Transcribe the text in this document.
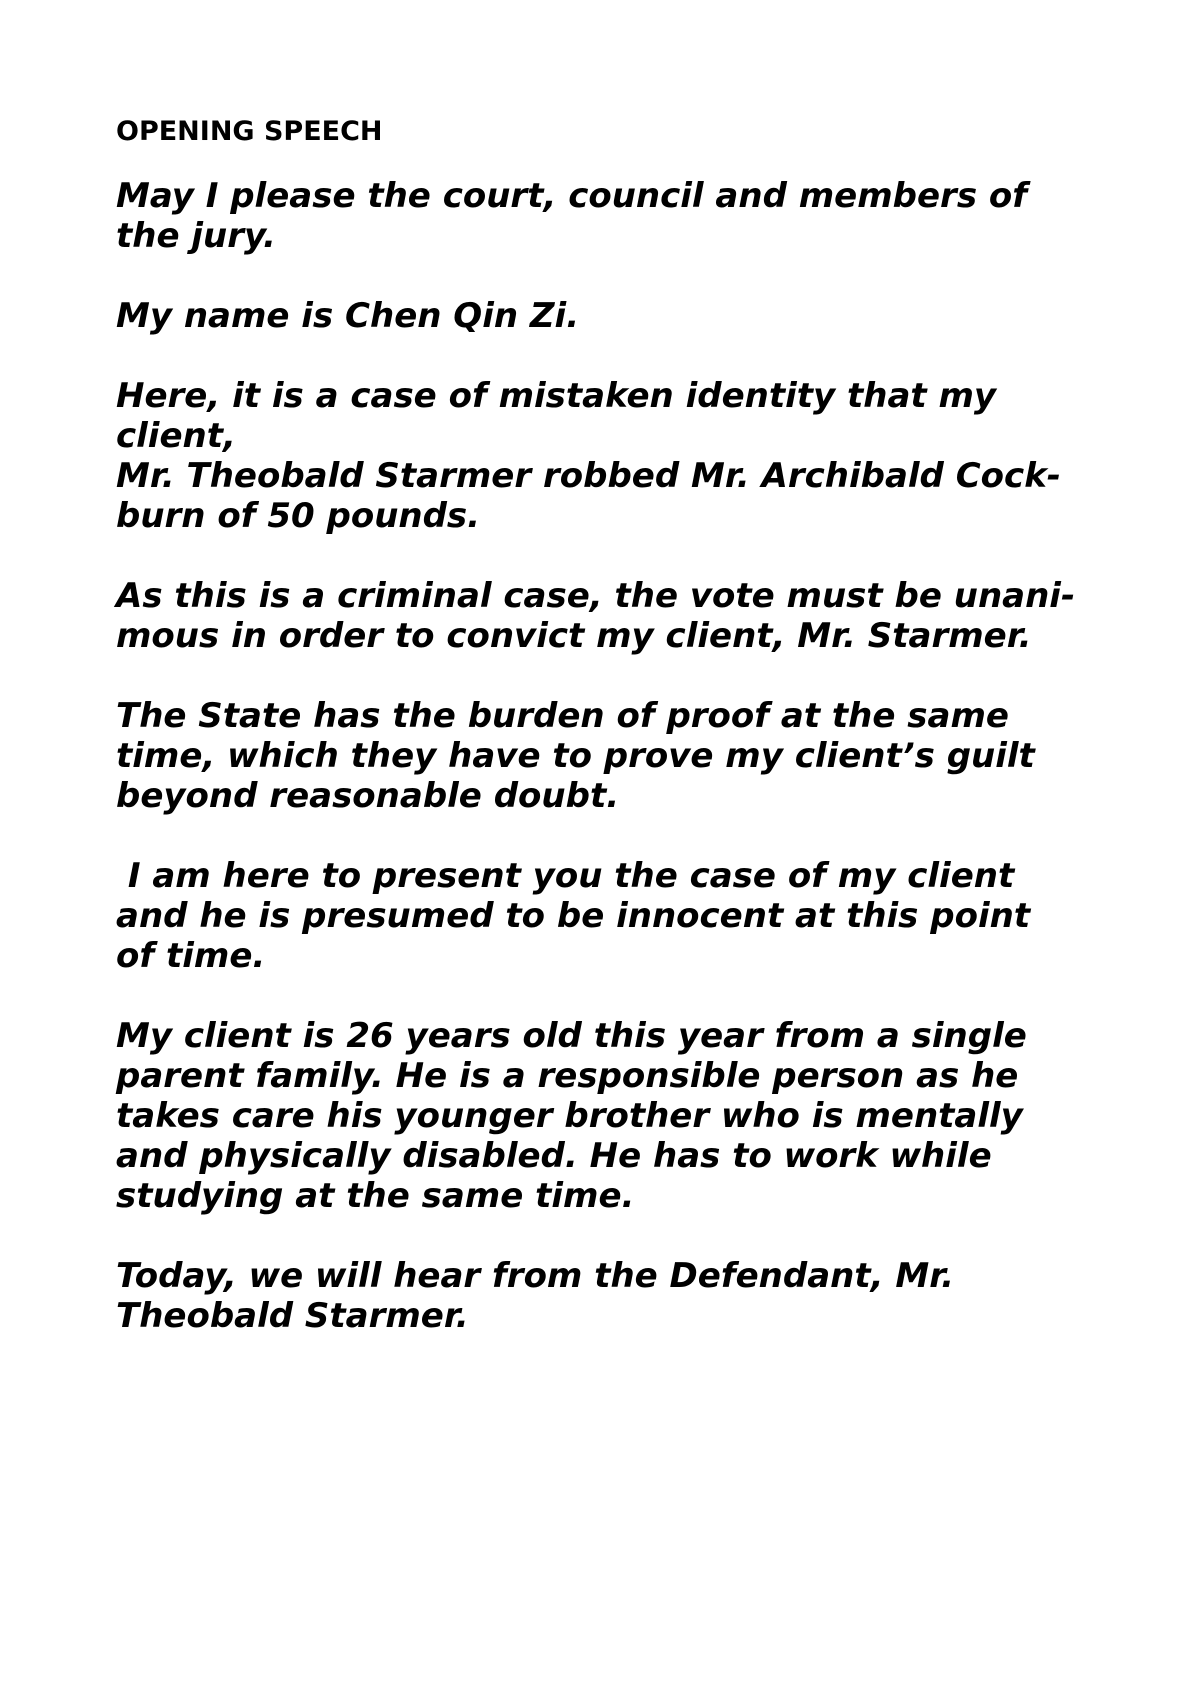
OPENING SPEECH

May I please the court, council and members of
the jury.

My name is Chen Qin Zi.

Here, it is a case of mistaken identity that my
client,
Mr. Theobald Starmer robbed Mr. Archibald Cock-
burn of 50 pounds.

As this is a criminal case, the vote must be unani-
mous in order to convict my client, Mr. Starmer.

The State has the burden of proof at the same
time, which they have to prove my client’s guilt
beyond reasonable doubt.

I am here to present you the case of my client
and he is presumed to be innocent at this point
of time.

My client is 26 years old this year from a single
parent family. He is a responsible person as he
takes care his younger brother who is mentally
and physically disabled. He has to work while
studying at the same time.

Today, we will hear from the Defendant, Mr.
Theobald Starmer.
